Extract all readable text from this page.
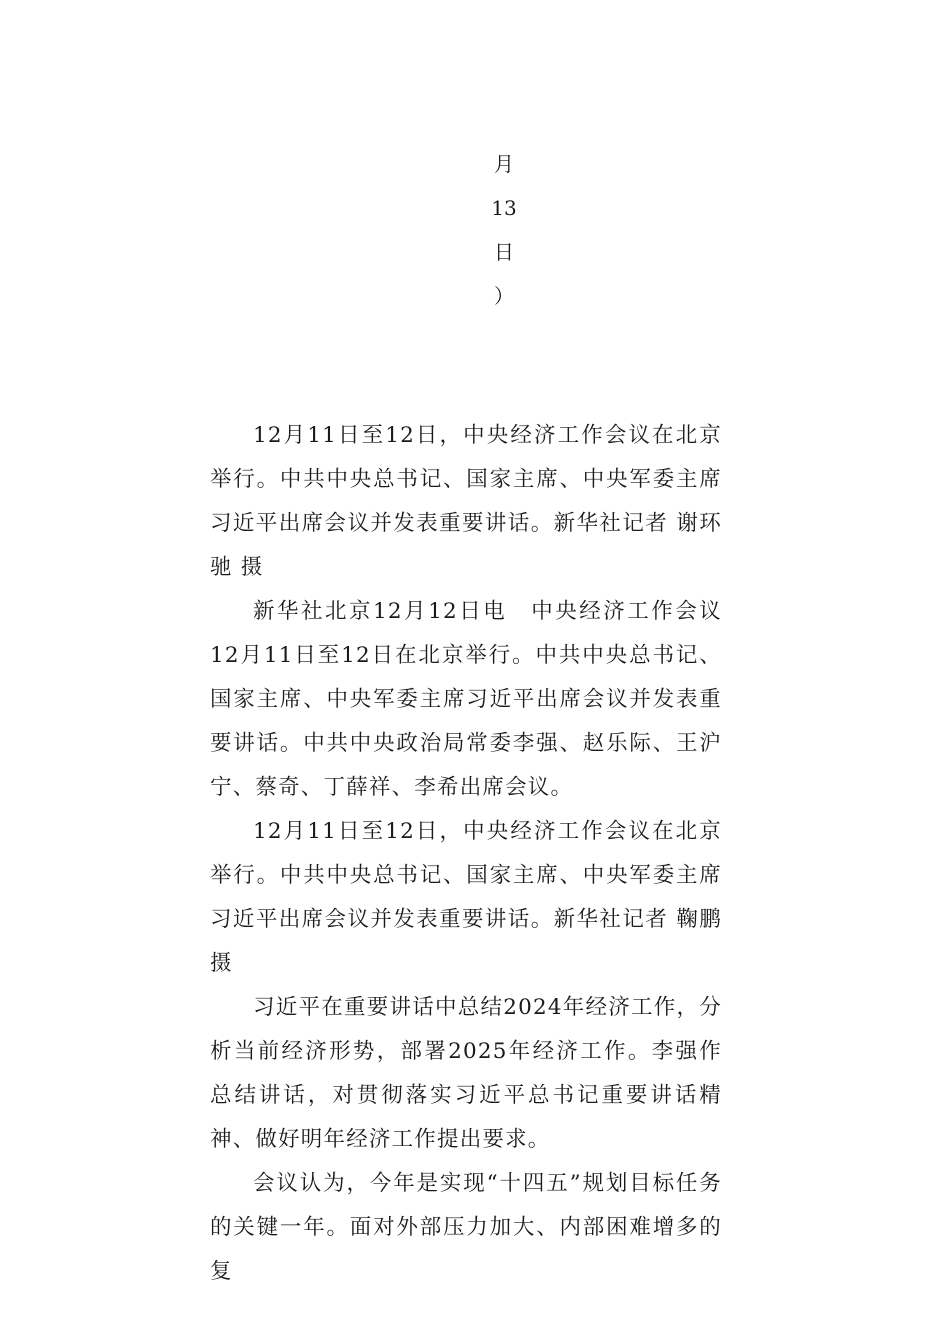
月
13
日
）

12月11日至12日，中央经济工作会议在北京举行。中共中央总书记、国家主席、中央军委主席习近平出席会议并发表重要讲话。新华社记者 谢环驰 摄

新华社北京12月12日电　中央经济工作会议12月11日至12日在北京举行。中共中央总书记、国家主席、中央军委主席习近平出席会议并发表重要讲话。中共中央政治局常委李强、赵乐际、王沪宁、蔡奇、丁薛祥、李希出席会议。

12月11日至12日，中央经济工作会议在北京举行。中共中央总书记、国家主席、中央军委主席习近平出席会议并发表重要讲话。新华社记者 鞠鹏 摄

习近平在重要讲话中总结2024年经济工作，分析当前经济形势，部署2025年经济工作。李强作总结讲话，对贯彻落实习近平总书记重要讲话精神、做好明年经济工作提出要求。

会议认为，今年是实现“十四五”规划目标任务的关键一年。面对外部压力加大、内部困难增多的复
